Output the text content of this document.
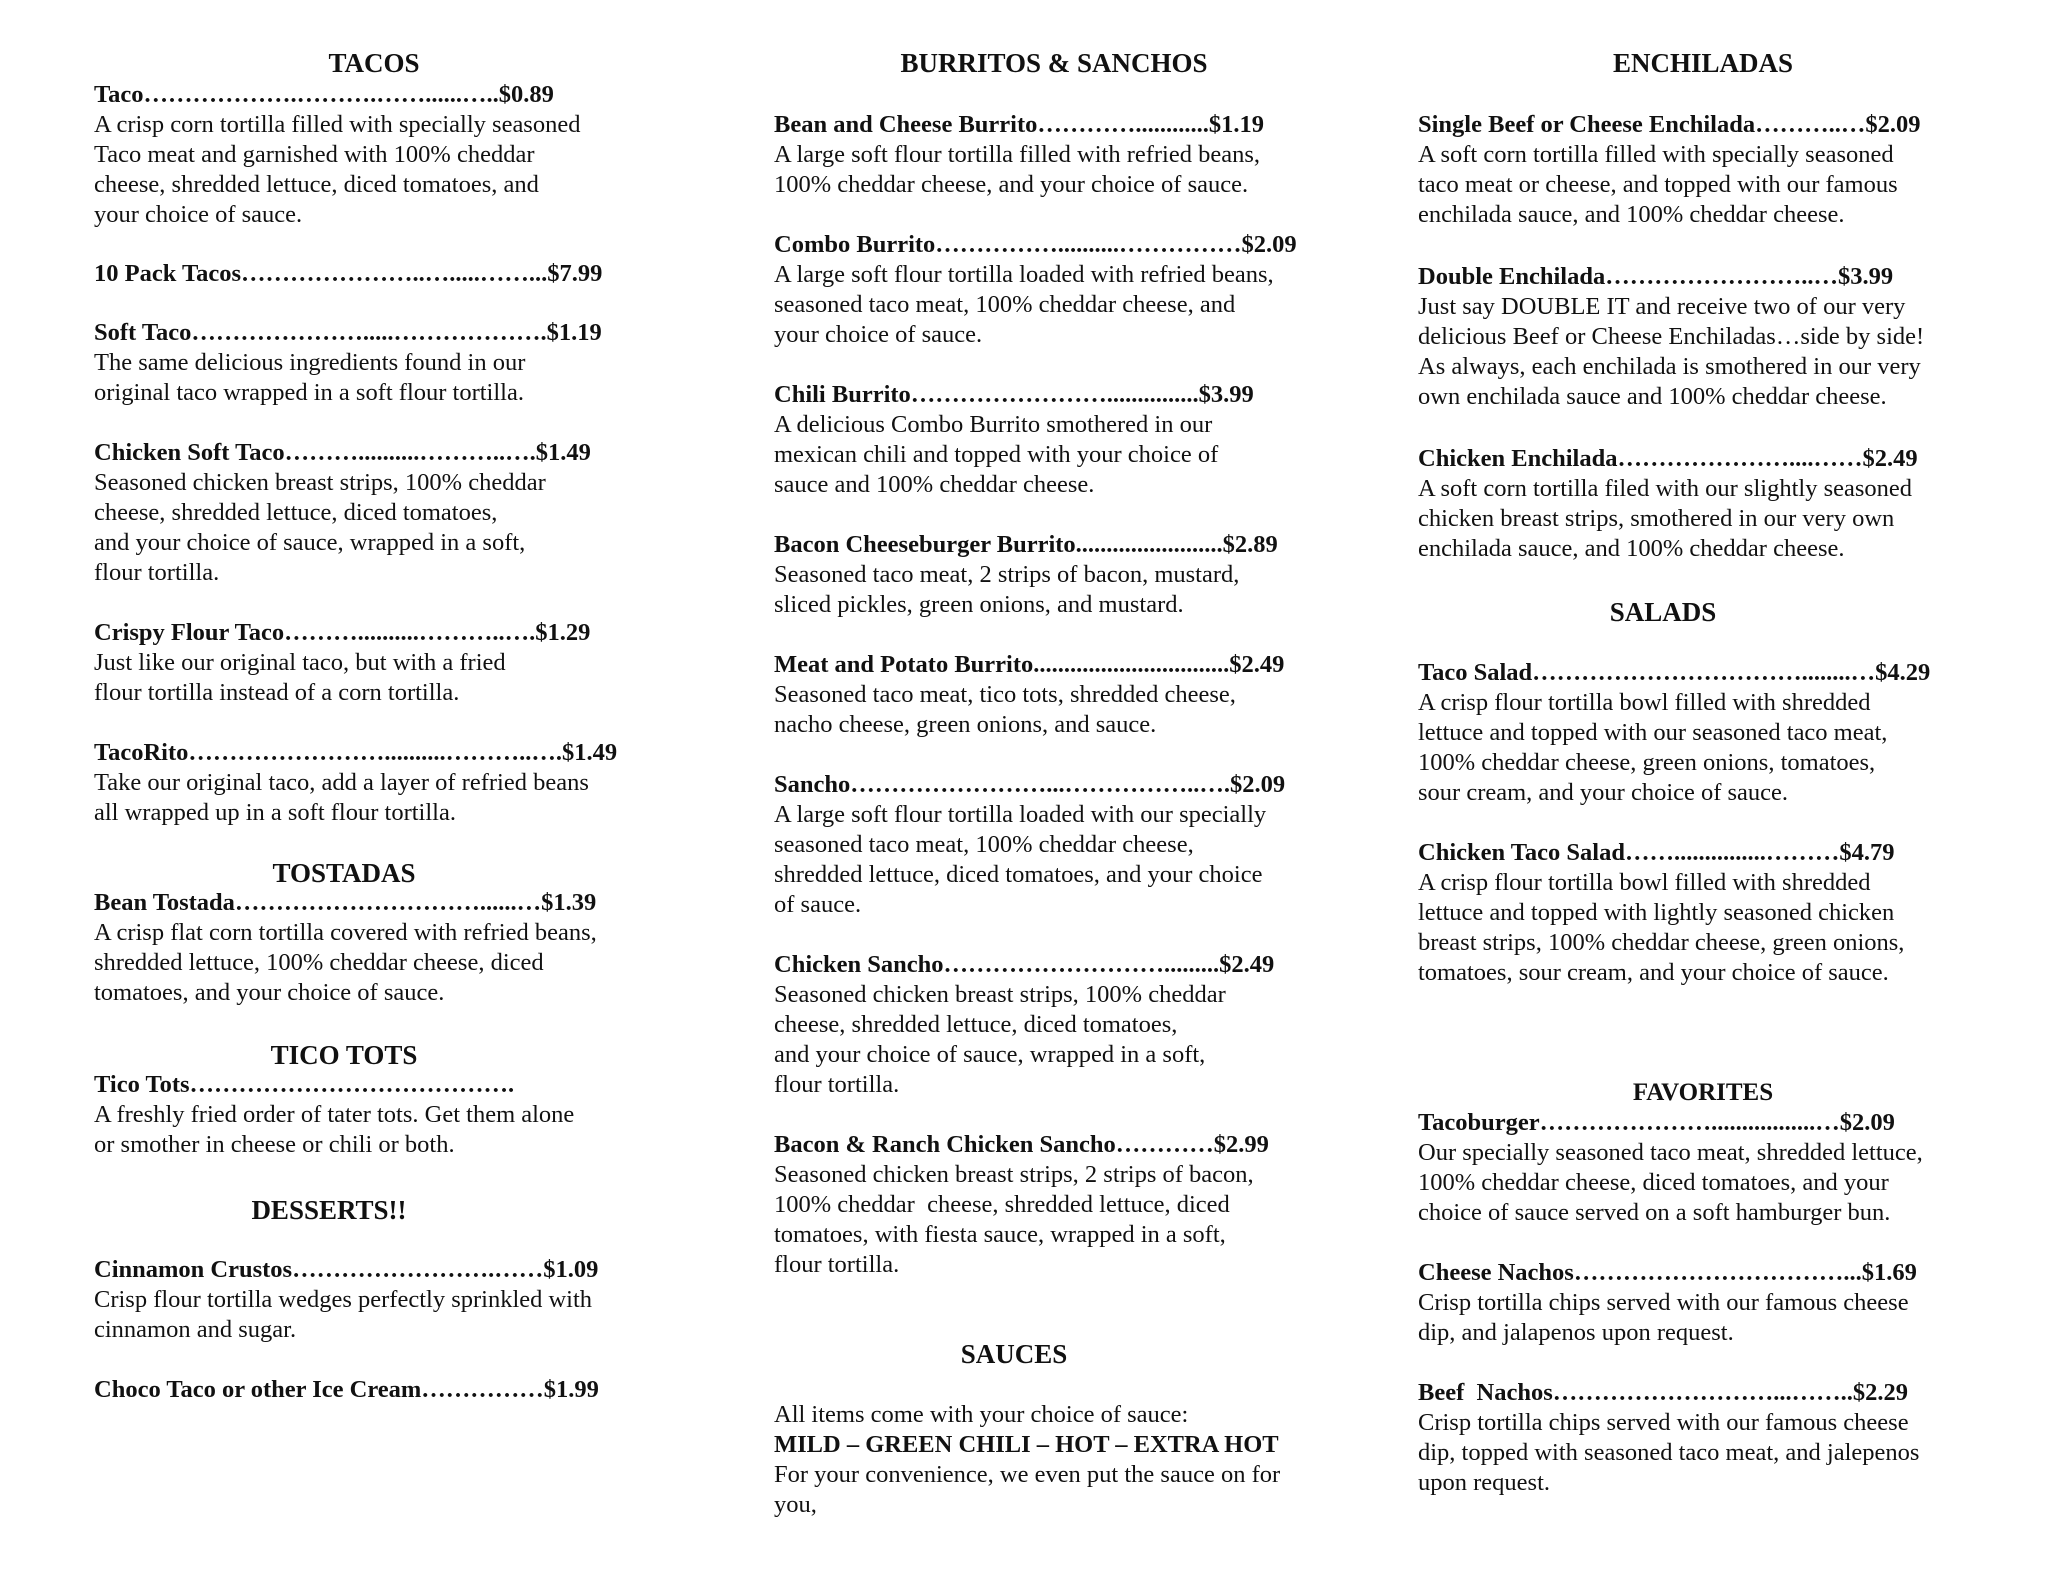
TACOS
Taco……………….……….……......…..$0.89
A crisp corn tortilla filled with specially seasoned
Taco meat and garnished with 100% cheddar
cheese, shredded lettuce, diced tomatoes, and
your choice of sauce.
10 Pack Tacos…………………..….....……...$7.99
Soft Taco………………….....……………….$1.19
The same delicious ingredients found in our
original taco wrapped in a soft flour tortilla.
Chicken Soft Taco………..........………..….$1.49
Seasoned chicken breast strips, 100% cheddar
cheese, shredded lettuce, diced tomatoes,
and your choice of sauce, wrapped in a soft,
flour tortilla.
Crispy Flour Taco………..........………..….$1.29
Just like our original taco, but with a fried
flour tortilla instead of a corn tortilla.
TacoRito……………………..........………..….$1.49
Take our original taco, add a layer of refried beans
all wrapped up in a soft flour tortilla.
TOSTADAS
Bean Tostada…………………………......…$1.39
A crisp flat corn tortilla covered with refried beans,
shredded lettuce, 100% cheddar cheese, diced
tomatoes, and your choice of sauce.
TICO TOTS
Tico Tots………………………………….
A freshly fried order of tater tots. Get them alone
or smother in cheese or chili or both.
DESSERTS!!
Cinnamon Crustos…………………….……$1.09
Crisp flour tortilla wedges perfectly sprinkled with
cinnamon and sugar.
Choco Taco or other Ice Cream……………$1.99
BURRITOS & SANCHOS
Bean and Cheese Burrito…………............$1.19
A large soft flour tortilla filled with refried beans,
100% cheddar cheese, and your choice of sauce.
Combo Burrito……………..........……………$2.09
A large soft flour tortilla loaded with refried beans,
seasoned taco meat, 100% cheddar cheese, and
your choice of sauce.
Chili Burrito……………………...............$3.99
A delicious Combo Burrito smothered in our
mexican chili and topped with your choice of
sauce and 100% cheddar cheese.
Bacon Cheeseburger Burrito........................$2.89
Seasoned taco meat, 2 strips of bacon, mustard,
sliced pickles, green onions, and mustard.
Meat and Potato Burrito................................$2.49
Seasoned taco meat, tico tots, shredded cheese,
nacho cheese, green onions, and sauce.
Sancho……………………...……………..….$2.09
A large soft flour tortilla loaded with our specially
seasoned taco meat, 100% cheddar cheese,
shredded lettuce, diced tomatoes, and your choice
of sauce.
Chicken Sancho……………………….........$2.49
Seasoned chicken breast strips, 100% cheddar
cheese, shredded lettuce, diced tomatoes,
and your choice of sauce, wrapped in a soft,
flour tortilla.
Bacon & Ranch Chicken Sancho…………$2.99
Seasoned chicken breast strips, 2 strips of bacon,
100% cheddar  cheese, shredded lettuce, diced
tomatoes, with fiesta sauce, wrapped in a soft,
flour tortilla.
SAUCES
All items come with your choice of sauce:
MILD – GREEN CHILI – HOT – EXTRA HOT
For your convenience, we even put the sauce on for
you,
ENCHILADAS
Single Beef or Cheese Enchilada………..…$2.09
A soft corn tortilla filled with specially seasoned
taco meat or cheese, and topped with our famous
enchilada sauce, and 100% cheddar cheese.
Double Enchilada……………………..…$3.99
Just say DOUBLE IT and receive two of our very
delicious Beef or Cheese Enchiladas…side by side!
As always, each enchilada is smothered in our very
own enchilada sauce and 100% cheddar cheese.
Chicken Enchilada…………………....……$2.49
A soft corn tortilla filed with our slightly seasoned
chicken breast strips, smothered in our very own
enchilada sauce, and 100% cheddar cheese.
SALADS
Taco Salad……………………………........…$4.29
A crisp flour tortilla bowl filled with shredded
lettuce and topped with our seasoned taco meat,
100% cheddar cheese, green onions, tomatoes,
sour cream, and your choice of sauce.
Chicken Taco Salad……...............………$4.79
A crisp flour tortilla bowl filled with shredded
lettuce and topped with lightly seasoned chicken
breast strips, 100% cheddar cheese, green onions,
tomatoes, sour cream, and your choice of sauce.
FAVORITES
Tacoburger………………….................…$2.09
Our specially seasoned taco meat, shredded lettuce,
100% cheddar cheese, diced tomatoes, and your
choice of sauce served on a soft hamburger bun.
Cheese Nachos……………………………...$1.69
Crisp tortilla chips served with our famous cheese
dip, and jalapenos upon request.
Beef  Nachos………………………...……..$2.29
Crisp tortilla chips served with our famous cheese
dip, topped with seasoned taco meat, and jalepenos
upon request.
